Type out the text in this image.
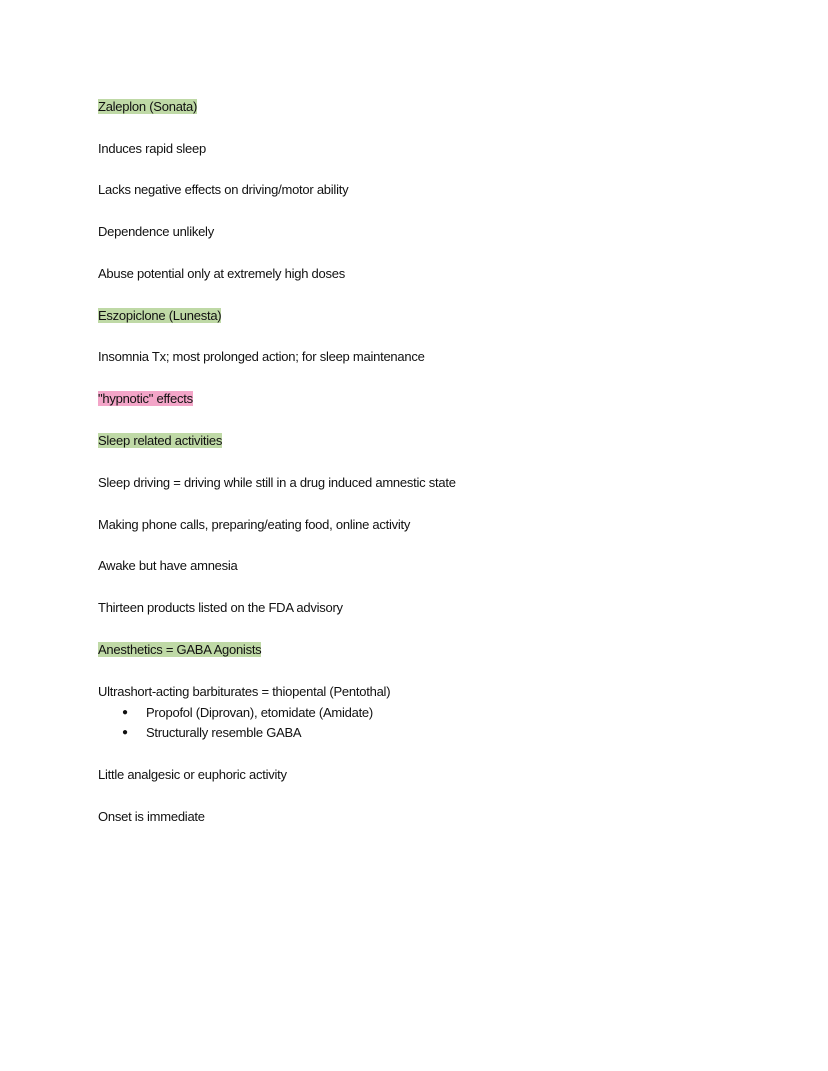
Zaleplon (Sonata)
Induces rapid sleep
Lacks negative effects on driving/motor ability
Dependence unlikely
Abuse potential only at extremely high doses
Eszopiclone (Lunesta)
Insomnia Tx; most prolonged action; for sleep maintenance
"hypnotic" effects
Sleep related activities
Sleep driving = driving while still in a drug induced amnestic state
Making phone calls, preparing/eating food, online activity
Awake but have amnesia
Thirteen products listed on the FDA advisory
Anesthetics = GABA Agonists
Ultrashort-acting barbiturates = thiopental (Pentothal)
● Propofol (Diprovan), etomidate (Amidate)
● Structurally resemble GABA
Little analgesic or euphoric activity
Onset is immediate
